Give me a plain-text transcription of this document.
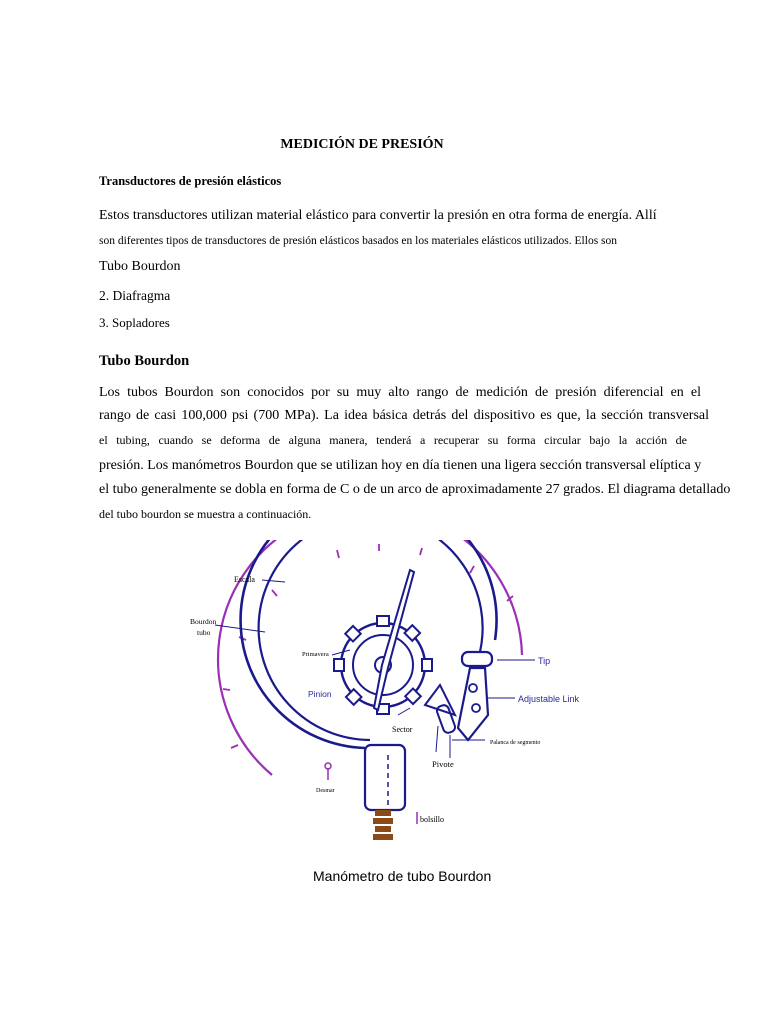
MEDICIÓN DE PRESIÓN
Transductores de presión elásticos
Estos transductores utilizan material elástico para convertir la presión en otra forma de energía. Allí
son diferentes tipos de transductores de presión elásticos basados en los materiales elásticos utilizados. Ellos son
Tubo Bourdon
2. Diafragma
3. Sopladores
Tubo Bourdon
Los tubos Bourdon son conocidos por su muy alto rango de medición de presión diferencial en el
rango de casi 100,000 psi (700 MPa). La idea básica detrás del dispositivo es que, la sección transversal
el tubing, cuando se deforma de alguna manera, tenderá a recuperar su forma circular bajo la acción de
presión. Los manómetros Bourdon que se utilizan hoy en día tienen una ligera sección transversal elíptica y
el tubo generalmente se dobla en forma de C o de un arco de aproximadamente 27 grados. El diagrama detallado
del tubo bourdon se muestra a continuación.
Escala
Bourdon
tubo
Primavera
Pinion
Sector
Tip
Adjustable Link
Palanca de segmento
Pivote
Desmar
bolsillo
Manómetro de tubo Bourdon
